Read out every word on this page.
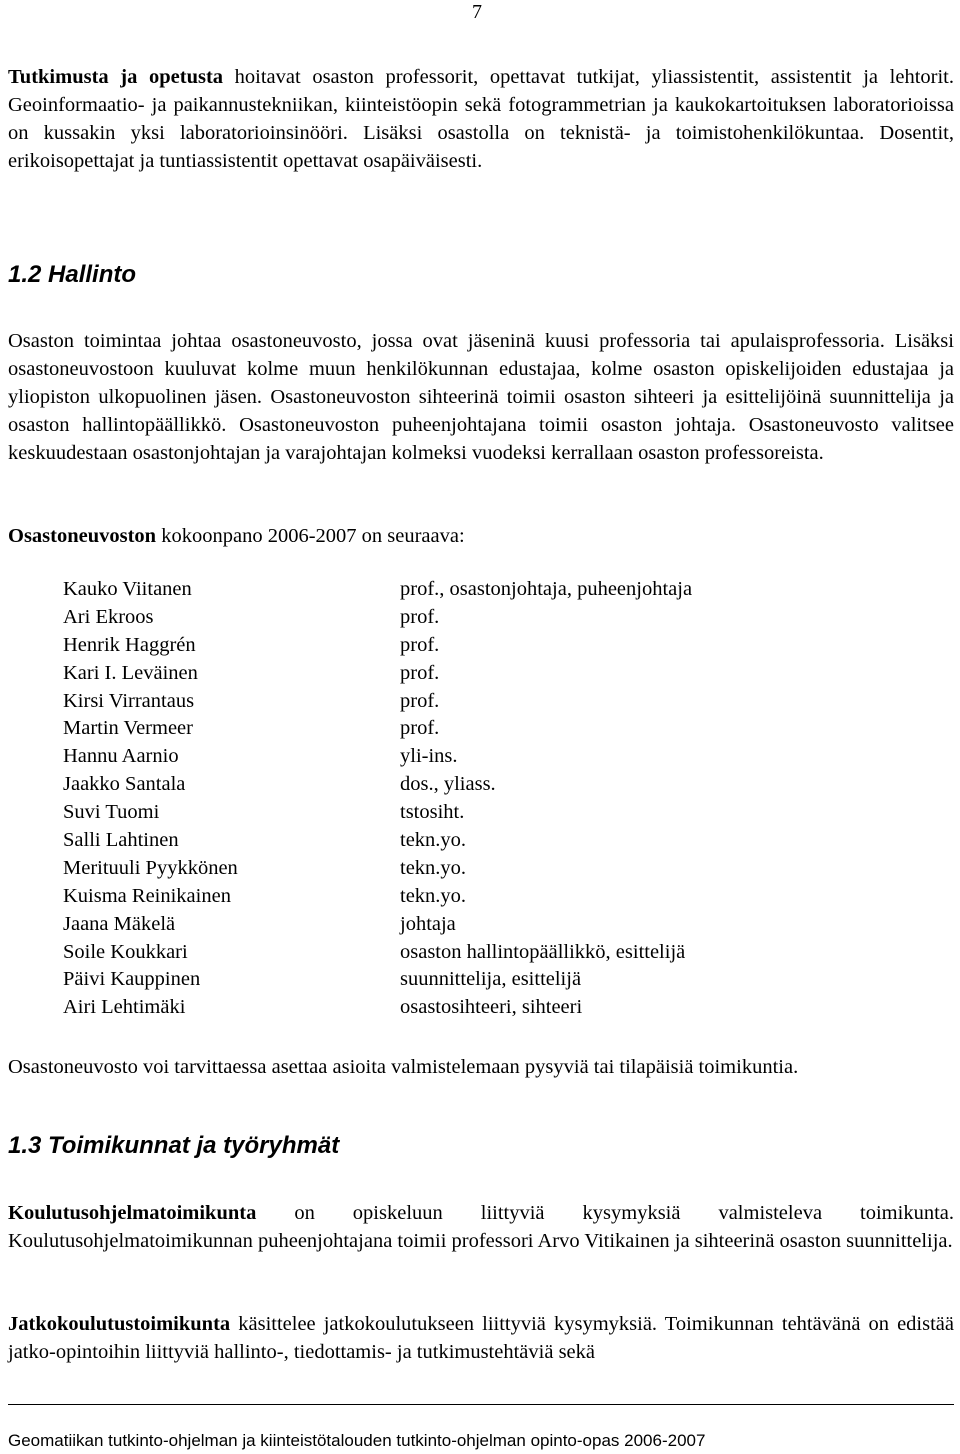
7

Tutkimusta ja opetusta hoitavat osaston professorit, opettavat tutkijat, yliassistentit, assistentit ja lehtorit. Geoinformaatio- ja paikannustekniikan, kiinteistöopin sekä fotogrammetrian ja kaukokartoituksen laboratorioissa on kussakin yksi laboratorioinsinööri. Lisäksi osastolla on teknistä- ja toimistohenkilökuntaa. Dosentit, erikoisopettajat ja tuntiassistentit opettavat osapäiväisesti.

1.2 Hallinto

Osaston toimintaa johtaa osastoneuvosto, jossa ovat jäseninä kuusi professoria tai apulaisprofessoria. Lisäksi osastoneuvostoon kuuluvat kolme muun henkilökunnan edustajaa, kolme osaston opiskelijoiden edustajaa ja yliopiston ulkopuolinen jäsen. Osastoneuvoston sihteerinä toimii osaston sihteeri ja esittelijöinä suunnittelija ja osaston hallintopäällikkö. Osastoneuvoston puheenjohtajana toimii osaston johtaja. Osastoneuvosto valitsee keskuudestaan osastonjohtajan ja varajohtajan kolmeksi vuodeksi kerrallaan osaston professoreista.

Osastoneuvoston kokoonpano 2006-2007 on seuraava:

Kauko Viitanen	prof., osastonjohtaja, puheenjohtaja
Ari Ekroos	prof.
Henrik Haggrén	prof.
Kari I. Leväinen	prof.
Kirsi Virrantaus	prof.
Martin Vermeer	prof.
Hannu Aarnio	yli-ins.
Jaakko Santala	dos., yliass.
Suvi Tuomi	tstosiht.
Salli Lahtinen	tekn.yo.
Merituuli Pyykkönen	tekn.yo.
Kuisma Reinikainen	tekn.yo.
Jaana Mäkelä	johtaja
Soile Koukkari	osaston hallintopäällikkö, esittelijä
Päivi Kauppinen	suunnittelija, esittelijä
Airi Lehtimäki	osastosihteeri, sihteeri

Osastoneuvosto voi tarvittaessa asettaa asioita valmistelemaan pysyviä tai tilapäisiä toimikuntia.

1.3 Toimikunnat ja työryhmät

Koulutusohjelmatoimikunta on opiskeluun liittyviä kysymyksiä valmisteleva toimikunta. Koulutusohjelmatoimikunnan puheenjohtajana toimii professori Arvo Vitikainen ja sihteerinä osaston suunnittelija.

Jatkokoulutustoimikunta käsittelee jatkokoulutukseen liittyviä kysymyksiä. Toimikunnan tehtävänä on edistää jatko-opintoihin liittyviä hallinto-, tiedottamis- ja tutkimustehtäviä sekä

Geomatiikan tutkinto-ohjelman ja kiinteistötalouden tutkinto-ohjelman opinto-opas 2006-2007
